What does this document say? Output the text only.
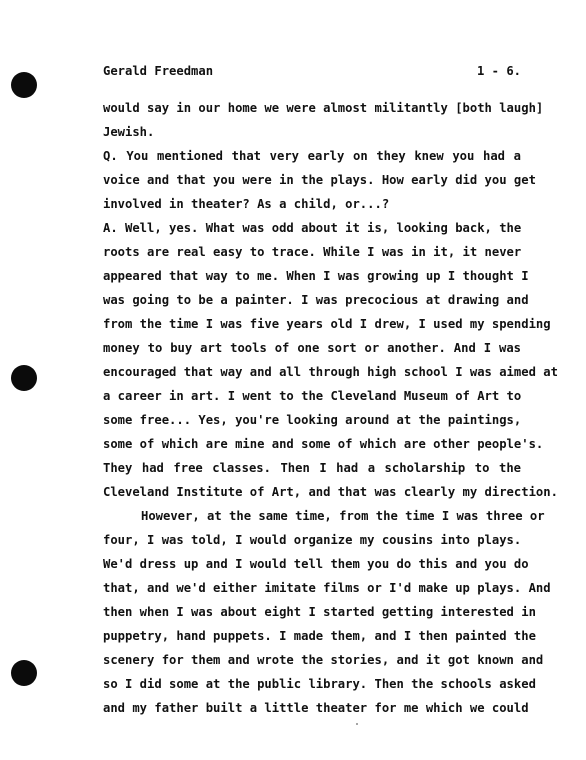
Gerald Freedman	1 - 6.
would say in our home we were almost militantly [both laugh]
Jewish.
Q. You mentioned that very early on they knew you had a
voice and that you were in the plays. How early did you get
involved in theater? As a child, or...?
A. Well, yes. What was odd about it is, looking back, the
roots are real easy to trace. While I was in it, it never
appeared that way to me. When I was growing up I thought I
was going to be a painter. I was precocious at drawing and
from the time I was five years old I drew, I used my spending
money to buy art tools of one sort or another. And I was
encouraged that way and all through high school I was aimed at
a career in art. I went to the Cleveland Museum of Art to
some free... Yes, you're looking around at the paintings,
some of which are mine and some of which are other people's.
They had free classes. Then I had a scholarship to the
Cleveland Institute of Art, and that was clearly my direction.
However, at the same time, from the time I was three or
four, I was told, I would organize my cousins into plays.
We'd dress up and I would tell them you do this and you do
that, and we'd either imitate films or I'd make up plays. And
then when I was about eight I started getting interested in
puppetry, hand puppets. I made them, and I then painted the
scenery for them and wrote the stories, and it got known and
so I did some at the public library. Then the schools asked
and my father built a little theater for me which we could
